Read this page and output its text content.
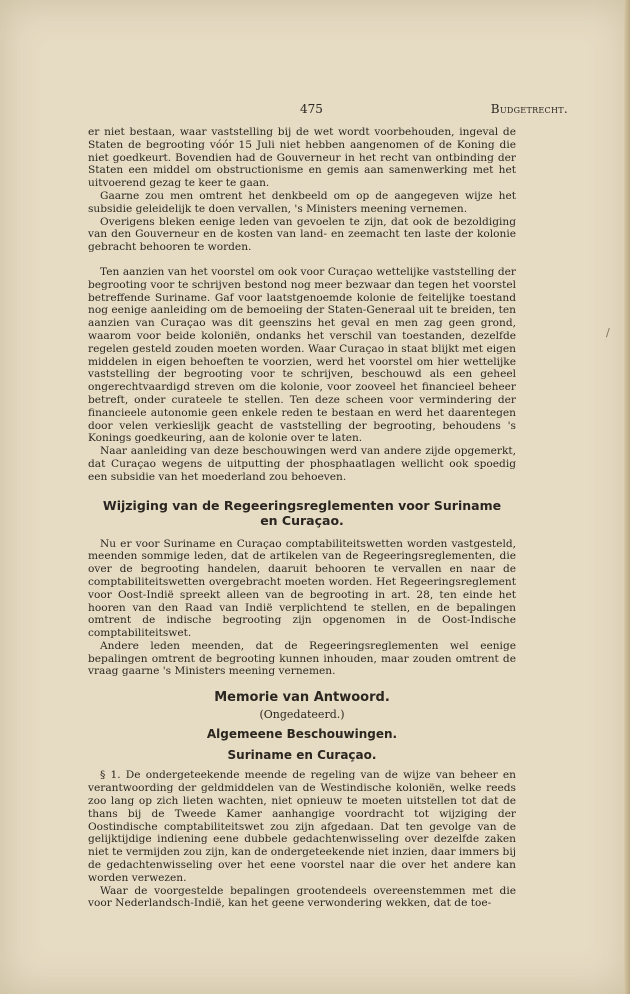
475	Budgetrecht.
/

er niet bestaan, waar vaststelling bij de wet wordt voorbehouden, ingeval de Staten de begrooting vóór 15 Juli niet hebben aangenomen of de Koning die niet goedkeurt. Bovendien had de Gouverneur in het recht van ontbinding der Staten een middel om obstructionisme en gemis aan samenwerking met het uitvoerend gezag te keer te gaan.

Gaarne zou men omtrent het denkbeeld om op de aangegeven wijze het subsidie geleidelijk te doen vervallen, 's Ministers meening vernemen.

Overigens bleken eenige leden van gevoelen te zijn, dat ook de bezoldiging van den Gouverneur en de kosten van land- en zeemacht ten laste der kolonie gebracht behooren te worden.

Ten aanzien van het voorstel om ook voor Curaçao wettelijke vaststelling der begrooting voor te schrijven bestond nog meer bezwaar dan tegen het voorstel betreffende Suriname. Gaf voor laatstgenoemde kolonie de feitelijke toestand nog eenige aanleiding om de bemoeiing der Staten-Generaal uit te breiden, ten aanzien van Curaçao was dit geenszins het geval en men zag geen grond, waarom voor beide koloniën, ondanks het verschil van toestanden, dezelfde regelen gesteld zouden moeten worden. Waar Curaçao in staat blijkt met eigen middelen in eigen behoeften te voorzien, werd het voorstel om hier wettelijke vaststelling der begrooting voor te schrijven, beschouwd als een geheel ongerechtvaardigd streven om die kolonie, voor zooveel het financieel beheer betreft, onder curateele te stellen. Ten deze scheen voor vermindering der financieele autonomie geen enkele reden te bestaan en werd het daarentegen door velen verkieslijk geacht de vaststelling der begrooting, behoudens 's Konings goedkeuring, aan de kolonie over te laten.

Naar aanleiding van deze beschouwingen werd van andere zijde opgemerkt, dat Curaçao wegens de uitputting der phosphaatlagen wellicht ook spoedig een subsidie van het moederland zou behoeven.

Wijziging van de Regeeringsreglementen voor Suriname
en Curaçao.

Nu er voor Suriname en Curaçao comptabiliteitswetten worden vastgesteld, meenden sommige leden, dat de artikelen van de Regeeringsreglementen, die over de begrooting handelen, daaruit behooren te vervallen en naar de comptabiliteitswetten overgebracht moeten worden. Het Regeeringsreglement voor Oost-Indië spreekt alleen van de begrooting in art. 28, ten einde het hooren van den Raad van Indië verplichtend te stellen, en de bepalingen omtrent de indische begrooting zijn opgenomen in de Oost-Indische comptabiliteitswet.

Andere leden meenden, dat de Regeeringsreglementen wel eenige bepalingen omtrent de begrooting kunnen inhouden, maar zouden omtrent de vraag gaarne 's Ministers meening vernemen.

Memorie van Antwoord.
(Ongedateerd.)
Algemeene Beschouwingen.
Suriname en Curaçao.

§ 1. De ondergeteekende meende de regeling van de wijze van beheer en verantwoording der geldmiddelen van de Westindische koloniën, welke reeds zoo lang op zich lieten wachten, niet opnieuw te moeten uitstellen tot dat de thans bij de Tweede Kamer aanhangige voordracht tot wijziging der Oostindische comptabiliteitswet zou zijn afgedaan. Dat ten gevolge van de gelijktijdige indiening eene dubbele gedachtenwisseling over dezelfde zaken niet te vermijden zou zijn, kan de ondergeteekende niet inzien, daar immers bij de gedachtenwisseling over het eene voorstel naar die over het andere kan worden verwezen.

Waar de voorgestelde bepalingen grootendeels overeenstemmen met die voor Nederlandsch-Indië, kan het geene verwondering wekken, dat de toe-
